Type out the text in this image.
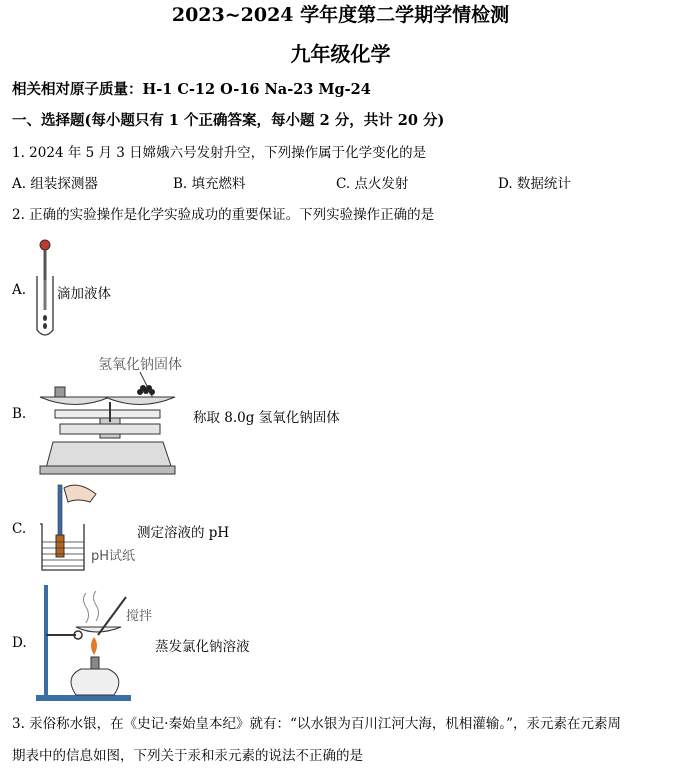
2023~2024 学年度第二学期学情检测
九年级化学
相关相对原子质量：H-1 C-12 O-16 Na-23 Mg-24
一、选择题(每小题只有 1 个正确答案，每小题 2 分，共计 20 分)
1. 2024 年 5 月 3 日嫦娥六号发射升空，下列操作属于化学变化的是
A. 组装探测器	B. 填充燃料	C. 点火发射	D. 数据统计
2. 正确的实验操作是化学实验成功的重要保证。下列实验操作正确的是
A. 滴加液体
氢氧化钠固体
B.	称取 8.0g 氢氧化钠固体
C.
pH试纸
测定溶液的 pH
D.
搅拌
蒸发氯化钠溶液
3. 汞俗称水银，在《史记·秦始皇本纪》就有：“以水银为百川江河大海，机相灌输。”，汞元素在元素周
期表中的信息如图，下列关于汞和汞元素的说法不正确的是
